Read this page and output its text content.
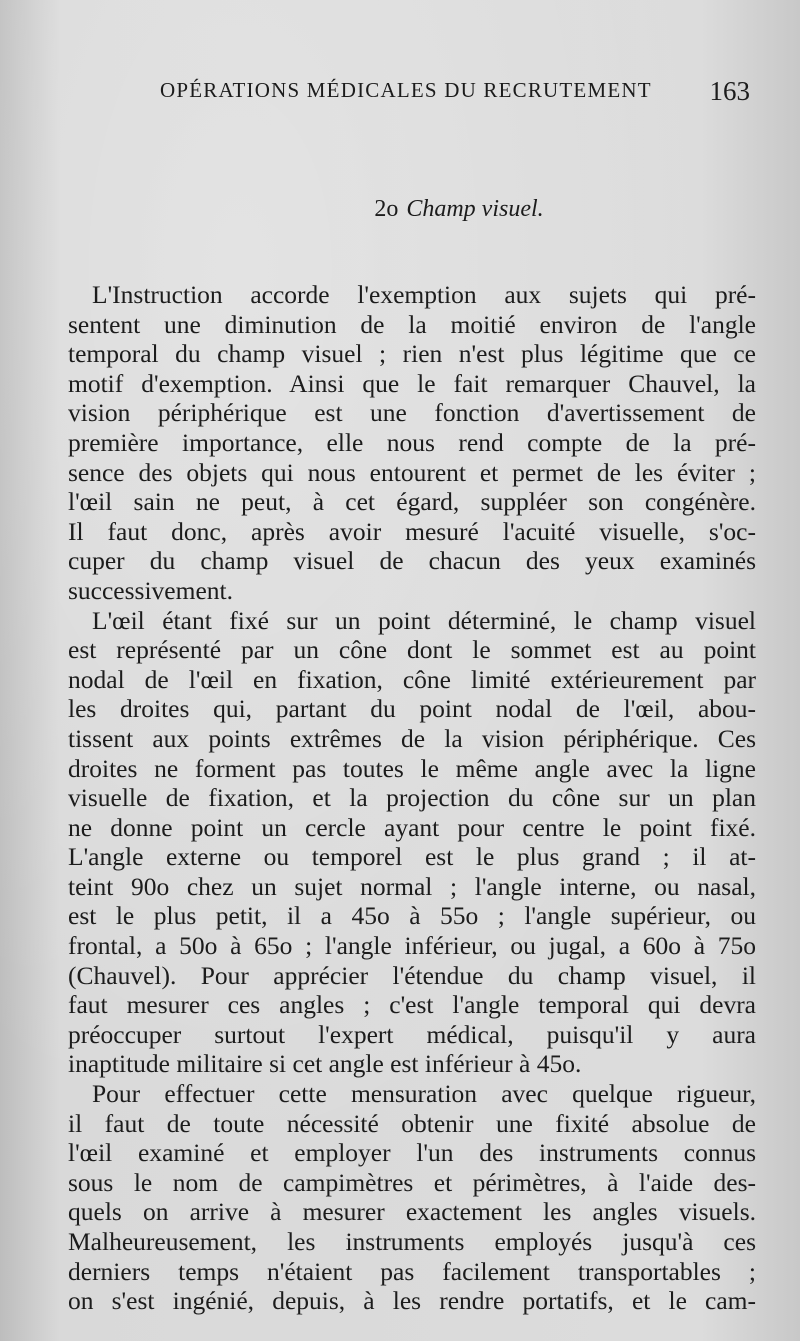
OPÉRATIONS MÉDICALES DU RECRUTEMENT 163
2o Champ visuel.
L'Instruction accorde l'exemption aux sujets qui pré-
sentent une diminution de la moitié environ de l'angle
temporal du champ visuel ; rien n'est plus légitime que ce
motif d'exemption. Ainsi que le fait remarquer Chauvel, la
vision périphérique est une fonction d'avertissement de
première importance, elle nous rend compte de la pré-
sence des objets qui nous entourent et permet de les éviter ;
l'œil sain ne peut, à cet égard, suppléer son congénère.
Il faut donc, après avoir mesuré l'acuité visuelle, s'oc-
cuper du champ visuel de chacun des yeux examinés
successivement.
L'œil étant fixé sur un point déterminé, le champ visuel
est représenté par un cône dont le sommet est au point
nodal de l'œil en fixation, cône limité extérieurement par
les droites qui, partant du point nodal de l'œil, abou-
tissent aux points extrêmes de la vision périphérique. Ces
droites ne forment pas toutes le même angle avec la ligne
visuelle de fixation, et la projection du cône sur un plan
ne donne point un cercle ayant pour centre le point fixé.
L'angle externe ou temporel est le plus grand ; il at-
teint 90o chez un sujet normal ; l'angle interne, ou nasal,
est le plus petit, il a 45o à 55o ; l'angle supérieur, ou
frontal, a 50o à 65o ; l'angle inférieur, ou jugal, a 60o à 75o
(Chauvel). Pour apprécier l'étendue du champ visuel, il
faut mesurer ces angles ; c'est l'angle temporal qui devra
préoccuper surtout l'expert médical, puisqu'il y aura
inaptitude militaire si cet angle est inférieur à 45o.
Pour effectuer cette mensuration avec quelque rigueur,
il faut de toute nécessité obtenir une fixité absolue de
l'œil examiné et employer l'un des instruments connus
sous le nom de campimètres et périmètres, à l'aide des-
quels on arrive à mesurer exactement les angles visuels.
Malheureusement, les instruments employés jusqu'à ces
derniers temps n'étaient pas facilement transportables ;
on s'est ingénié, depuis, à les rendre portatifs, et le cam-
